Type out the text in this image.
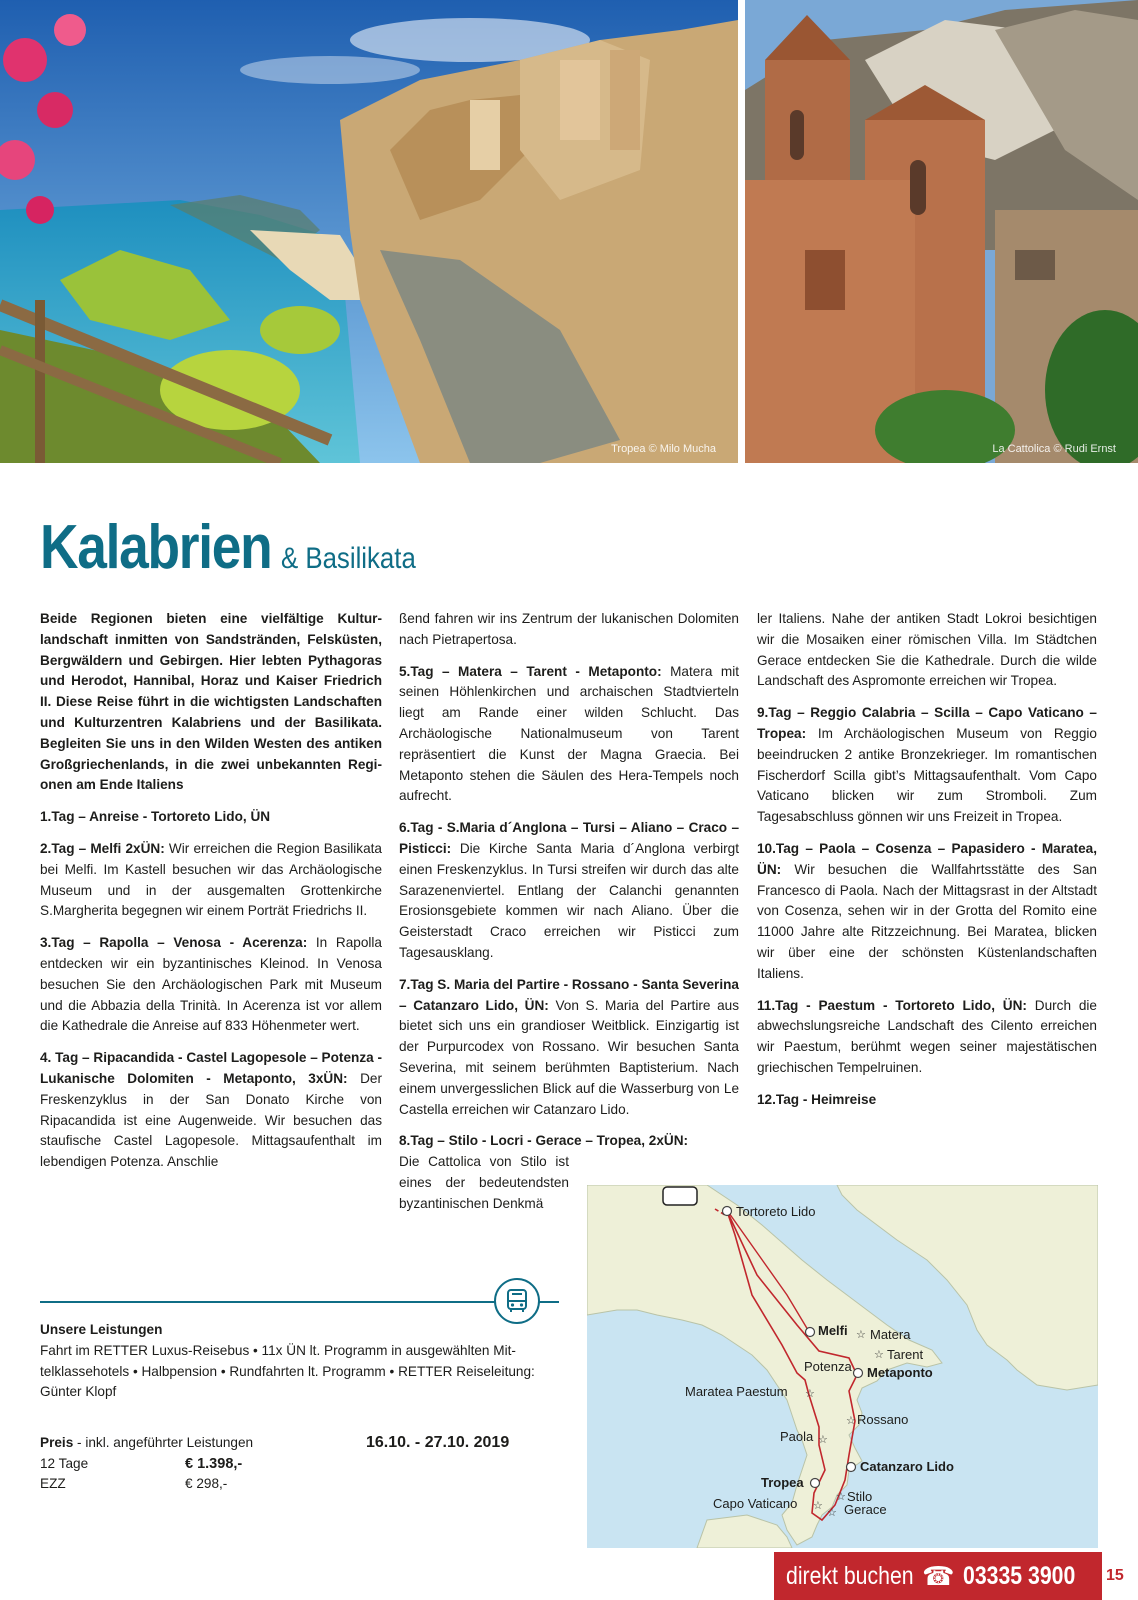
Tropea © Milo Mucha	La Cattolica © Rudi Ernst
Kalabrien & Basilikata

Beide Regionen bieten eine vielfältige Kulturlandschaft inmitten von Sandstränden, Felsküsten, Bergwäldern und Gebirgen. Hier lebten Pythagoras und Herodot, Hannibal, Horaz und Kaiser Friedrich II. Diese Reise führt in die wichtigsten Landschaften und Kulturzentren Kalabriens und der Basilikata. Begleiten Sie uns in den Wilden Westen des antiken Großgriechenlands, in die zwei unbekannten Regionen am Ende Italiens

1.Tag – Anreise - Tortoreto Lido, ÜN

2.Tag – Melfi 2xÜN: Wir erreichen die Region Basilikata bei Melfi. Im Kastell besuchen wir das Archäologische Museum und in der ausgemalten Grottenkirche S.Margherita begegnen wir einem Porträt Friedrichs II.

3.Tag – Rapolla – Venosa - Acerenza: In Rapolla entdecken wir ein byzantinisches Kleinod. In Venosa besuchen Sie den Archäologischen Park mit Museum und die Abbazia della Trinità. In Acerenza ist vor allem die Kathedrale die Anreise auf 833 Höhenmeter wert.

4. Tag – Ripacandida - Castel Lagopesole – Potenza - Lukanische Dolomiten - Metaponto, 3xÜN: Der Freskenzyklus in der San Donato Kirche von Ripacandida ist eine Augenweide. Wir besuchen das staufische Castel Lagopesole. Mittagsaufenthalt im lebendigen Potenza. Anschlie

ßend fahren wir ins Zentrum der lukanischen Dolomiten nach Pietrapertosa.

5.Tag – Matera – Tarent - Metaponto: Matera mit seinen Höhlenkirchen und archaischen Stadtvierteln liegt am Rande einer wilden Schlucht. Das Archäologische Nationalmuseum von Tarent repräsentiert die Kunst der Magna Graecia. Bei Metaponto stehen die Säulen des Hera-Tempels noch aufrecht.

6.Tag - S.Maria d´Anglona – Tursi – Aliano – Craco – Pisticci: Die Kirche Santa Maria d´Anglona verbirgt einen Freskenzyklus. In Tursi streifen wir durch das alte Sarazenenviertel. Entlang der Calanchi genannten Erosionsgebiete kommen wir nach Aliano. Über die Geisterstadt Craco erreichen wir Pisticci zum Tagesausklang.

7.Tag S. Maria del Partire - Rossano - Santa Severina – Catanzaro Lido, ÜN: Von S. Maria del Partire aus bietet sich uns ein grandioser Weitblick. Einzigartig ist der Purpurcodex von Rossano. Wir besuchen Santa Severina, mit seinem berühmten Baptisterium. Nach einem unvergesslichen Blick auf die Wasserburg von Le Castella erreichen wir Catanzaro Lido.

8.Tag – Stilo - Locri - Gerace – Tropea, 2xÜN:
Die Cattolica von Stilo ist eines der bedeutendsten byzantinischen Denkmä

ler Italiens. Nahe der antiken Stadt Lokroi besichtigen wir die Mosaiken einer römischen Villa. Im Städtchen Gerace entdecken Sie die Kathedrale. Durch die wilde Landschaft des Aspromonte erreichen wir Tropea.

9.Tag – Reggio Calabria – Scilla – Capo Vaticano – Tropea: Im Archäologischen Museum von Reggio beeindrucken 2 antike Bronzekrieger. Im romantischen Fischerdorf Scilla gibt’s Mittagsaufenthalt. Vom Capo Vaticano blicken wir zum Stromboli. Zum Tagesabschluss gönnen wir uns Freizeit in Tropea.

10.Tag – Paola – Cosenza – Papasidero - Maratea, ÜN: Wir besuchen die Wallfahrtsstätte des San Francesco di Paola. Nach der Mittagsrast in der Altstadt von Cosenza, sehen wir in der Grotta del Romito eine 11000 Jahre alte Ritzzeichnung. Bei Maratea, blicken wir über eine der schönsten Küstenlandschaften Italiens.

11.Tag - Paestum - Tortoreto Lido, ÜN: Durch die abwechslungsreiche Landschaft des Cilento erreichen wir Paestum, berühmt wegen seiner majestätischen griechischen Tempelruinen.

12.Tag - Heimreise

Unsere Leistungen

Fahrt im RETTER Luxus-Reisebus • 11x ÜN lt. Programm in ausgewählten Mittelklassehotels • Halbpension • Rundfahrten lt. Programm • RETTER Reiseleitung: Günter Klopf

Preis - inkl. angeführter Leistungen
12 Tage	€ 1.398,-
EZZ	€ 298,-
16.10. - 27.10. 2019
Tortoreto Lido
Melfi ☆ Matera
Potenza
☆ Tarent
Metaponto
Maratea Paestum ☆
☆ Rossano
Paola ☆
Catanzaro Lido
Tropea
☆ Stilo
Capo Vaticano ☆
☆ Gerace
direkt buchen ☎ 03335 3900 15
